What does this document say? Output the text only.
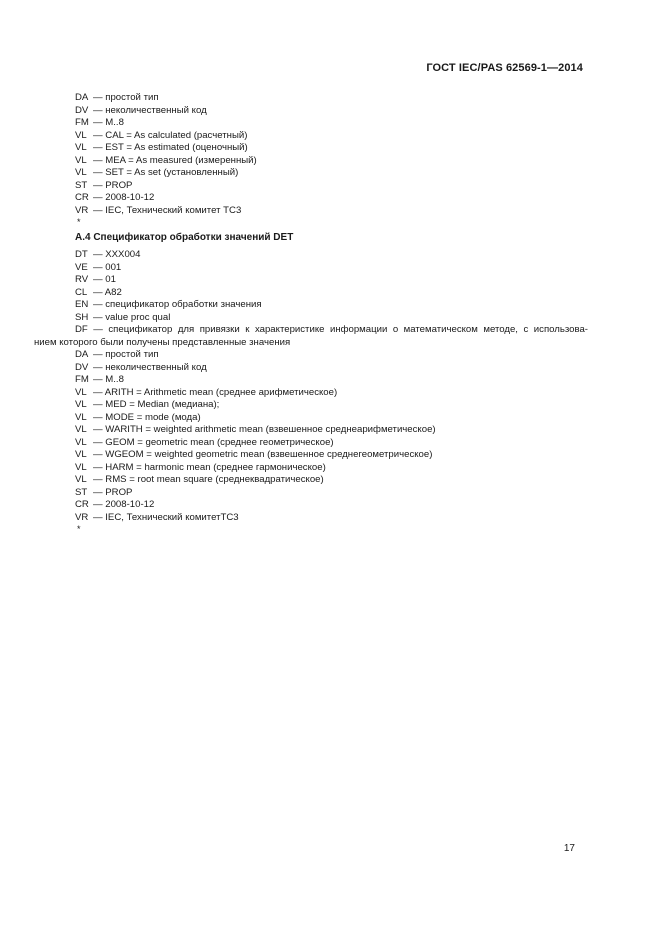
ГОСТ IEC/PAS 62569-1—2014
DA — простой тип
DV — неколичественный код
FM — M..8
VL — CAL = As calculated (расчетный)
VL — EST = As estimated (оценочный)
VL — MEA = As measured (измеренный)
VL — SET = As set (установленный)
ST — PROP
CR — 2008-10-12
VR — IEC, Технический комитет TC3
*
A.4 Спецификатор обработки значений DET
DT — XXX004
VE — 001
RV — 01
CL — A82
EN — спецификатор обработки значения
SH — value proc qual
DF — спецификатор для привязки к характеристике информации о математическом методе, с использова-
нием которого были получены представленные значения
DA — простой тип
DV — неколичественный код
FM — M..8
VL — ARITH = Arithmetic mean (среднее арифметическое)
VL — MED = Median (медиана);
VL — MODE = mode (мода)
VL — WARITH = weighted arithmetic mean (взвешенное среднеарифметическое)
VL — GEOM = geometric mean (среднее геометрическое)
VL — WGEOM = weighted geometric mean (взвешенное среднегеометрическое)
VL — HARM = harmonic mean (среднее гармоническое)
VL — RMS = root mean square (среднеквадратическое)
ST — PROP
CR — 2008-10-12
VR — IEC, Технический комитетTC3
*
17
